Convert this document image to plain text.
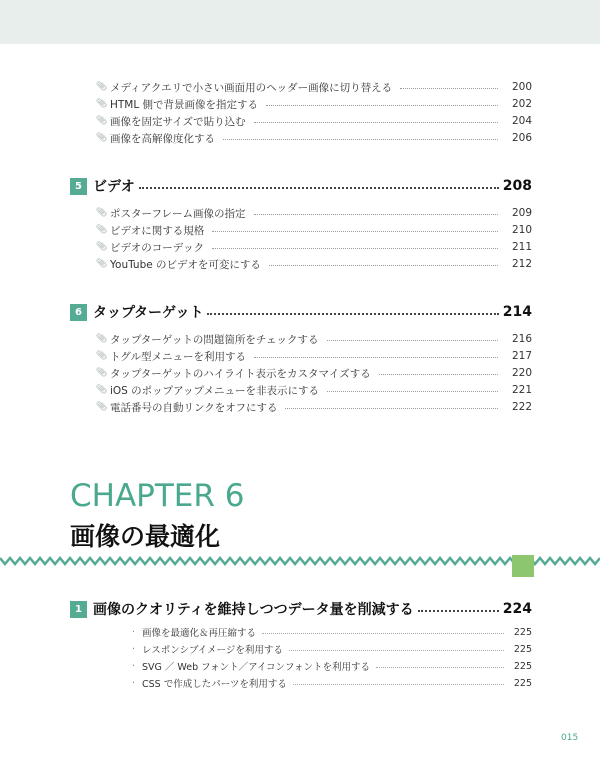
📎︎ メディアクエリで小さい画面用のヘッダー画像に切り替える	200
📎︎ HTML 側で背景画像を指定する	202
📎︎ 画像を固定サイズで貼り込む	204
📎︎ 画像を高解像度化する	206
5 ビデオ	208
📎︎ ポスターフレーム画像の指定	209
📎︎ ビデオに関する規格	210
📎︎ ビデオのコーデック	211
📎︎ YouTube のビデオを可変にする	212
6 タップターゲット	214
📎︎ タップターゲットの問題箇所をチェックする	216
📎︎ トグル型メニューを利用する	217
📎︎ タップターゲットのハイライト表示をカスタマイズする	220
📎︎ iOS のポップアップメニューを非表示にする	221
📎︎ 電話番号の自動リンクをオフにする	222
CHAPTER 6
画像の最適化
1 画像のクオリティを維持しつつデータ量を削減する	224
· 画像を最適化＆再圧縮する	225
· レスポンシブイメージを利用する	225
· SVG ／ Web フォント／アイコンフォントを利用する	225
· CSS で作成したパーツを利用する	225
015
